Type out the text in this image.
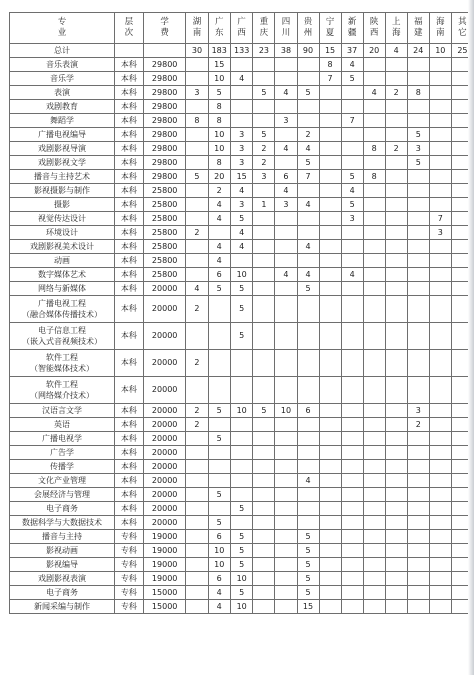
专业	层次	学费	湖南	广东	广西	重庆	四川	贵州	宁夏	新疆	陕西	上海	福建	海南	其它
总计			30	183	133	23	38	90	15	37	20	4	24	10	25
音乐表演	本科	29800		15					8	4					
音乐学	本科	29800		10	4				7	5					
表演	本科	29800	3	5		5	4	5			4	2	8		
戏剧教育	本科	29800		8											
舞蹈学	本科	29800	8	8			3			7					
广播电视编导	本科	29800		10	3	5		2					5		
戏剧影视导演	本科	29800		10	3	2	4	4			8	2	3		
戏剧影视文学	本科	29800		8	3	2		5					5		
播音与主持艺术	本科	29800	5	20	15	3	6	7		5	8				
影视摄影与制作	本科	25800		2	4		4			4					
摄影	本科	25800		4	3	1	3	4		5					
视觉传达设计	本科	25800		4	5					3				7	
环境设计	本科	25800	2		4									3	
戏剧影视美术设计	本科	25800		4	4			4							
动画	本科	25800		4											
数字媒体艺术	本科	25800		6	10		4	4		4					
网络与新媒体	本科	20000	4	5	5			5							

广播电视工程
（融合媒体传播技术）	本科	20000	2		5										

电子信息工程
（嵌入式音视频技术）	本科	20000			5										

软件工程
（智能媒体技术）	本科	20000	2												

软件工程
（网络媒介技术）	本科	20000													
汉语言文学	本科	20000	2	5	10	5	10	6					3		
英语	本科	20000	2										2		
广播电视学	本科	20000		5											
广告学	本科	20000													
传播学	本科	20000													
文化产业管理	本科	20000						4							
会展经济与管理	本科	20000		5											
电子商务	本科	20000			5										
数据科学与大数据技术	本科	20000		5											
播音与主持	专科	19000		6	5			5							
影视动画	专科	19000		10	5			5							
影视编导	专科	19000		10	5			5							
戏剧影视表演	专科	19000		6	10			5							
电子商务	专科	15000		4	5			5							
新闻采编与制作	专科	15000		4	10			15							
